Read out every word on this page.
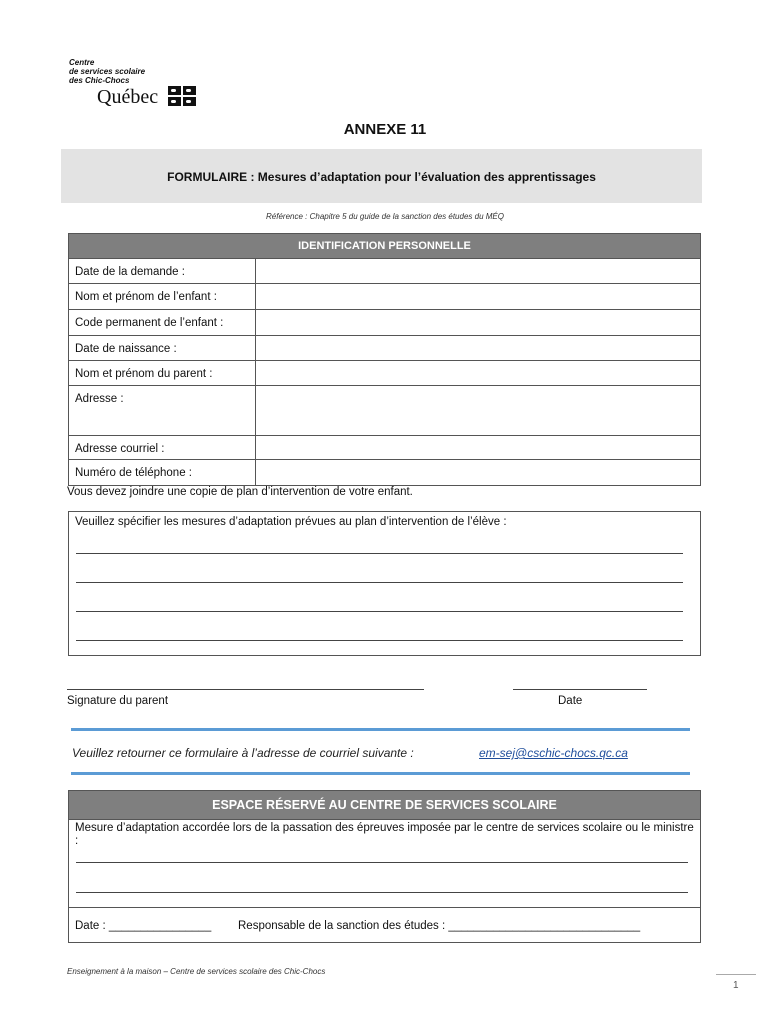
Centre
de services scolaire
des Chic-Chocs
Québec
ANNEXE 11
FORMULAIRE : Mesures d’adaptation pour l’évaluation des apprentissages
Référence : Chapitre 5 du guide de la sanction des études du MÉQ
IDENTIFICATION PERSONNELLE
Date de la demande :
Nom et prénom de l’enfant :
Code permanent de l’enfant :
Date de naissance :
Nom et prénom du parent :
Adresse :
Adresse courriel :
Numéro de téléphone :
Vous devez joindre une copie de plan d’intervention de votre enfant.
Veuillez spécifier les mesures d’adaptation prévues au plan d’intervention de l’élève :
Signature du parent	Date
Veuillez retourner ce formulaire à l’adresse de courriel suivante :	em-sej@cschic-chocs.qc.ca
ESPACE RÉSERVÉ AU CENTRE DE SERVICES SCOLAIRE
Mesure d’adaptation accordée lors de la passation des épreuves imposée par le centre de services scolaire ou le ministre :
Date : ________________ Responsable de la sanction des études : ______________________________
Enseignement à la maison – Centre de services scolaire des Chic-Chocs
1
